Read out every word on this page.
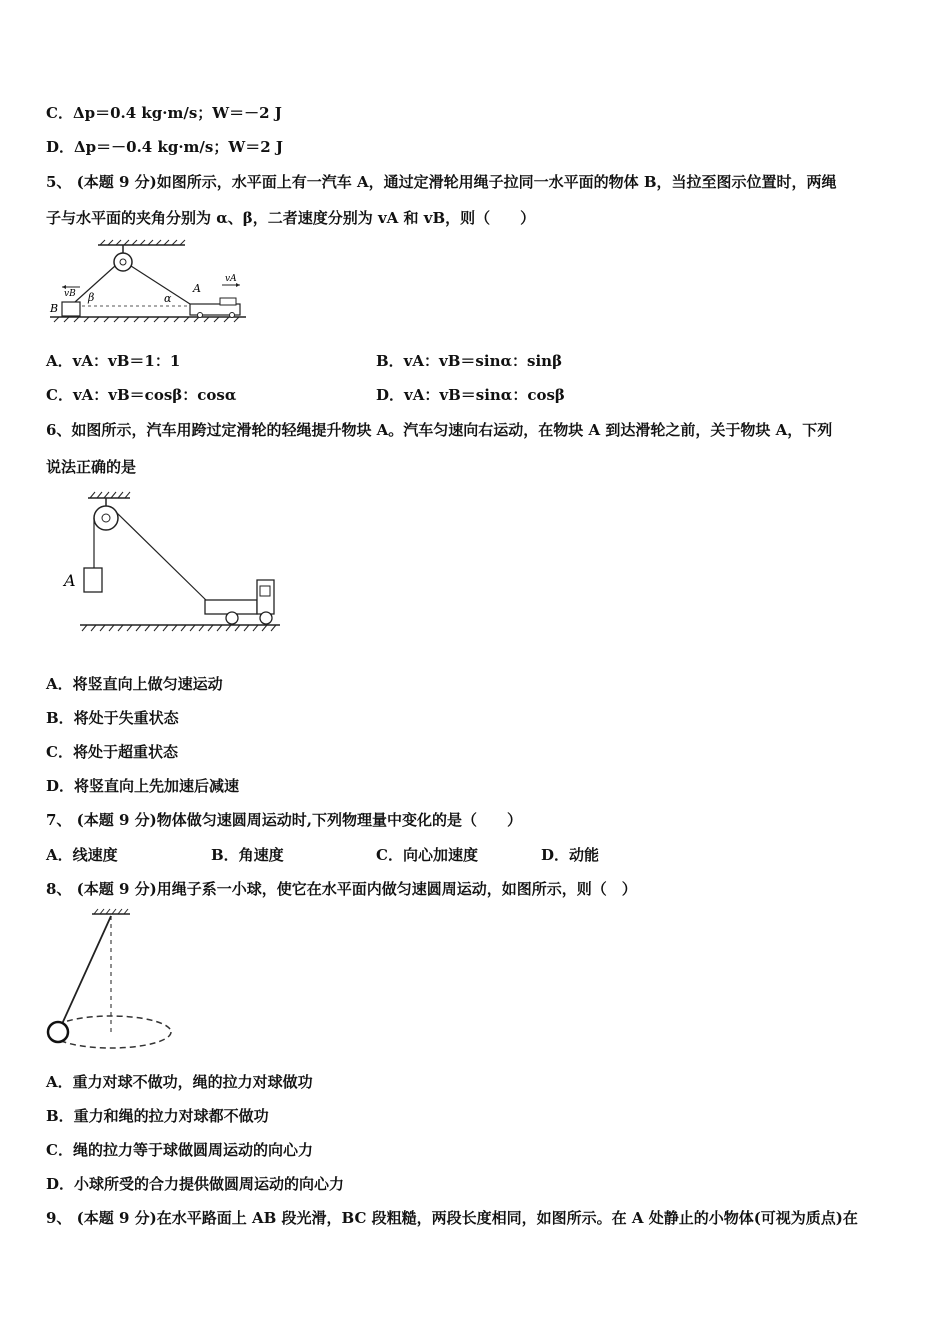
C．Δp＝0.4 kg·m/s；W＝－2 J
D．Δp＝－0.4 kg·m/s；W＝2 J
5、 (本题 9 分)如图所示，水平面上有一汽车 A，通过定滑轮用绳子拉同一水平面的物体 B，当拉至图示位置时，两绳
子与水平面的夹角分别为 α、β，二者速度分别为 vA 和 vB，则（　　）
vB β
B
A
α
vA
A．vA：vB＝1：1	B．vA：vB＝sinα：sinβ
C．vA：vB＝cosβ：cosα	D．vA：vB＝sinα：cosβ
6、如图所示，汽车用跨过定滑轮的轻绳提升物块 A。汽车匀速向右运动，在物块 A 到达滑轮之前，关于物块 A，下列
说法正确的是
A
A．将竖直向上做匀速运动
B．将处于失重状态
C．将处于超重状态
D．将竖直向上先加速后减速
7、 (本题 9 分)物体做匀速圆周运动时,下列物理量中变化的是（　　）
A．线速度	B．角速度	C．向心加速度	D．动能
8、 (本题 9 分)用绳子系一小球，使它在水平面内做匀速圆周运动，如图所示，则（　）
A．重力对球不做功，绳的拉力对球做功
B．重力和绳的拉力对球都不做功
C．绳的拉力等于球做圆周运动的向心力
D．小球所受的合力提供做圆周运动的向心力
9、 (本题 9 分)在水平路面上 AB 段光滑，BC 段粗糙，两段长度相同，如图所示。在 A 处静止的小物体(可视为质点)在
